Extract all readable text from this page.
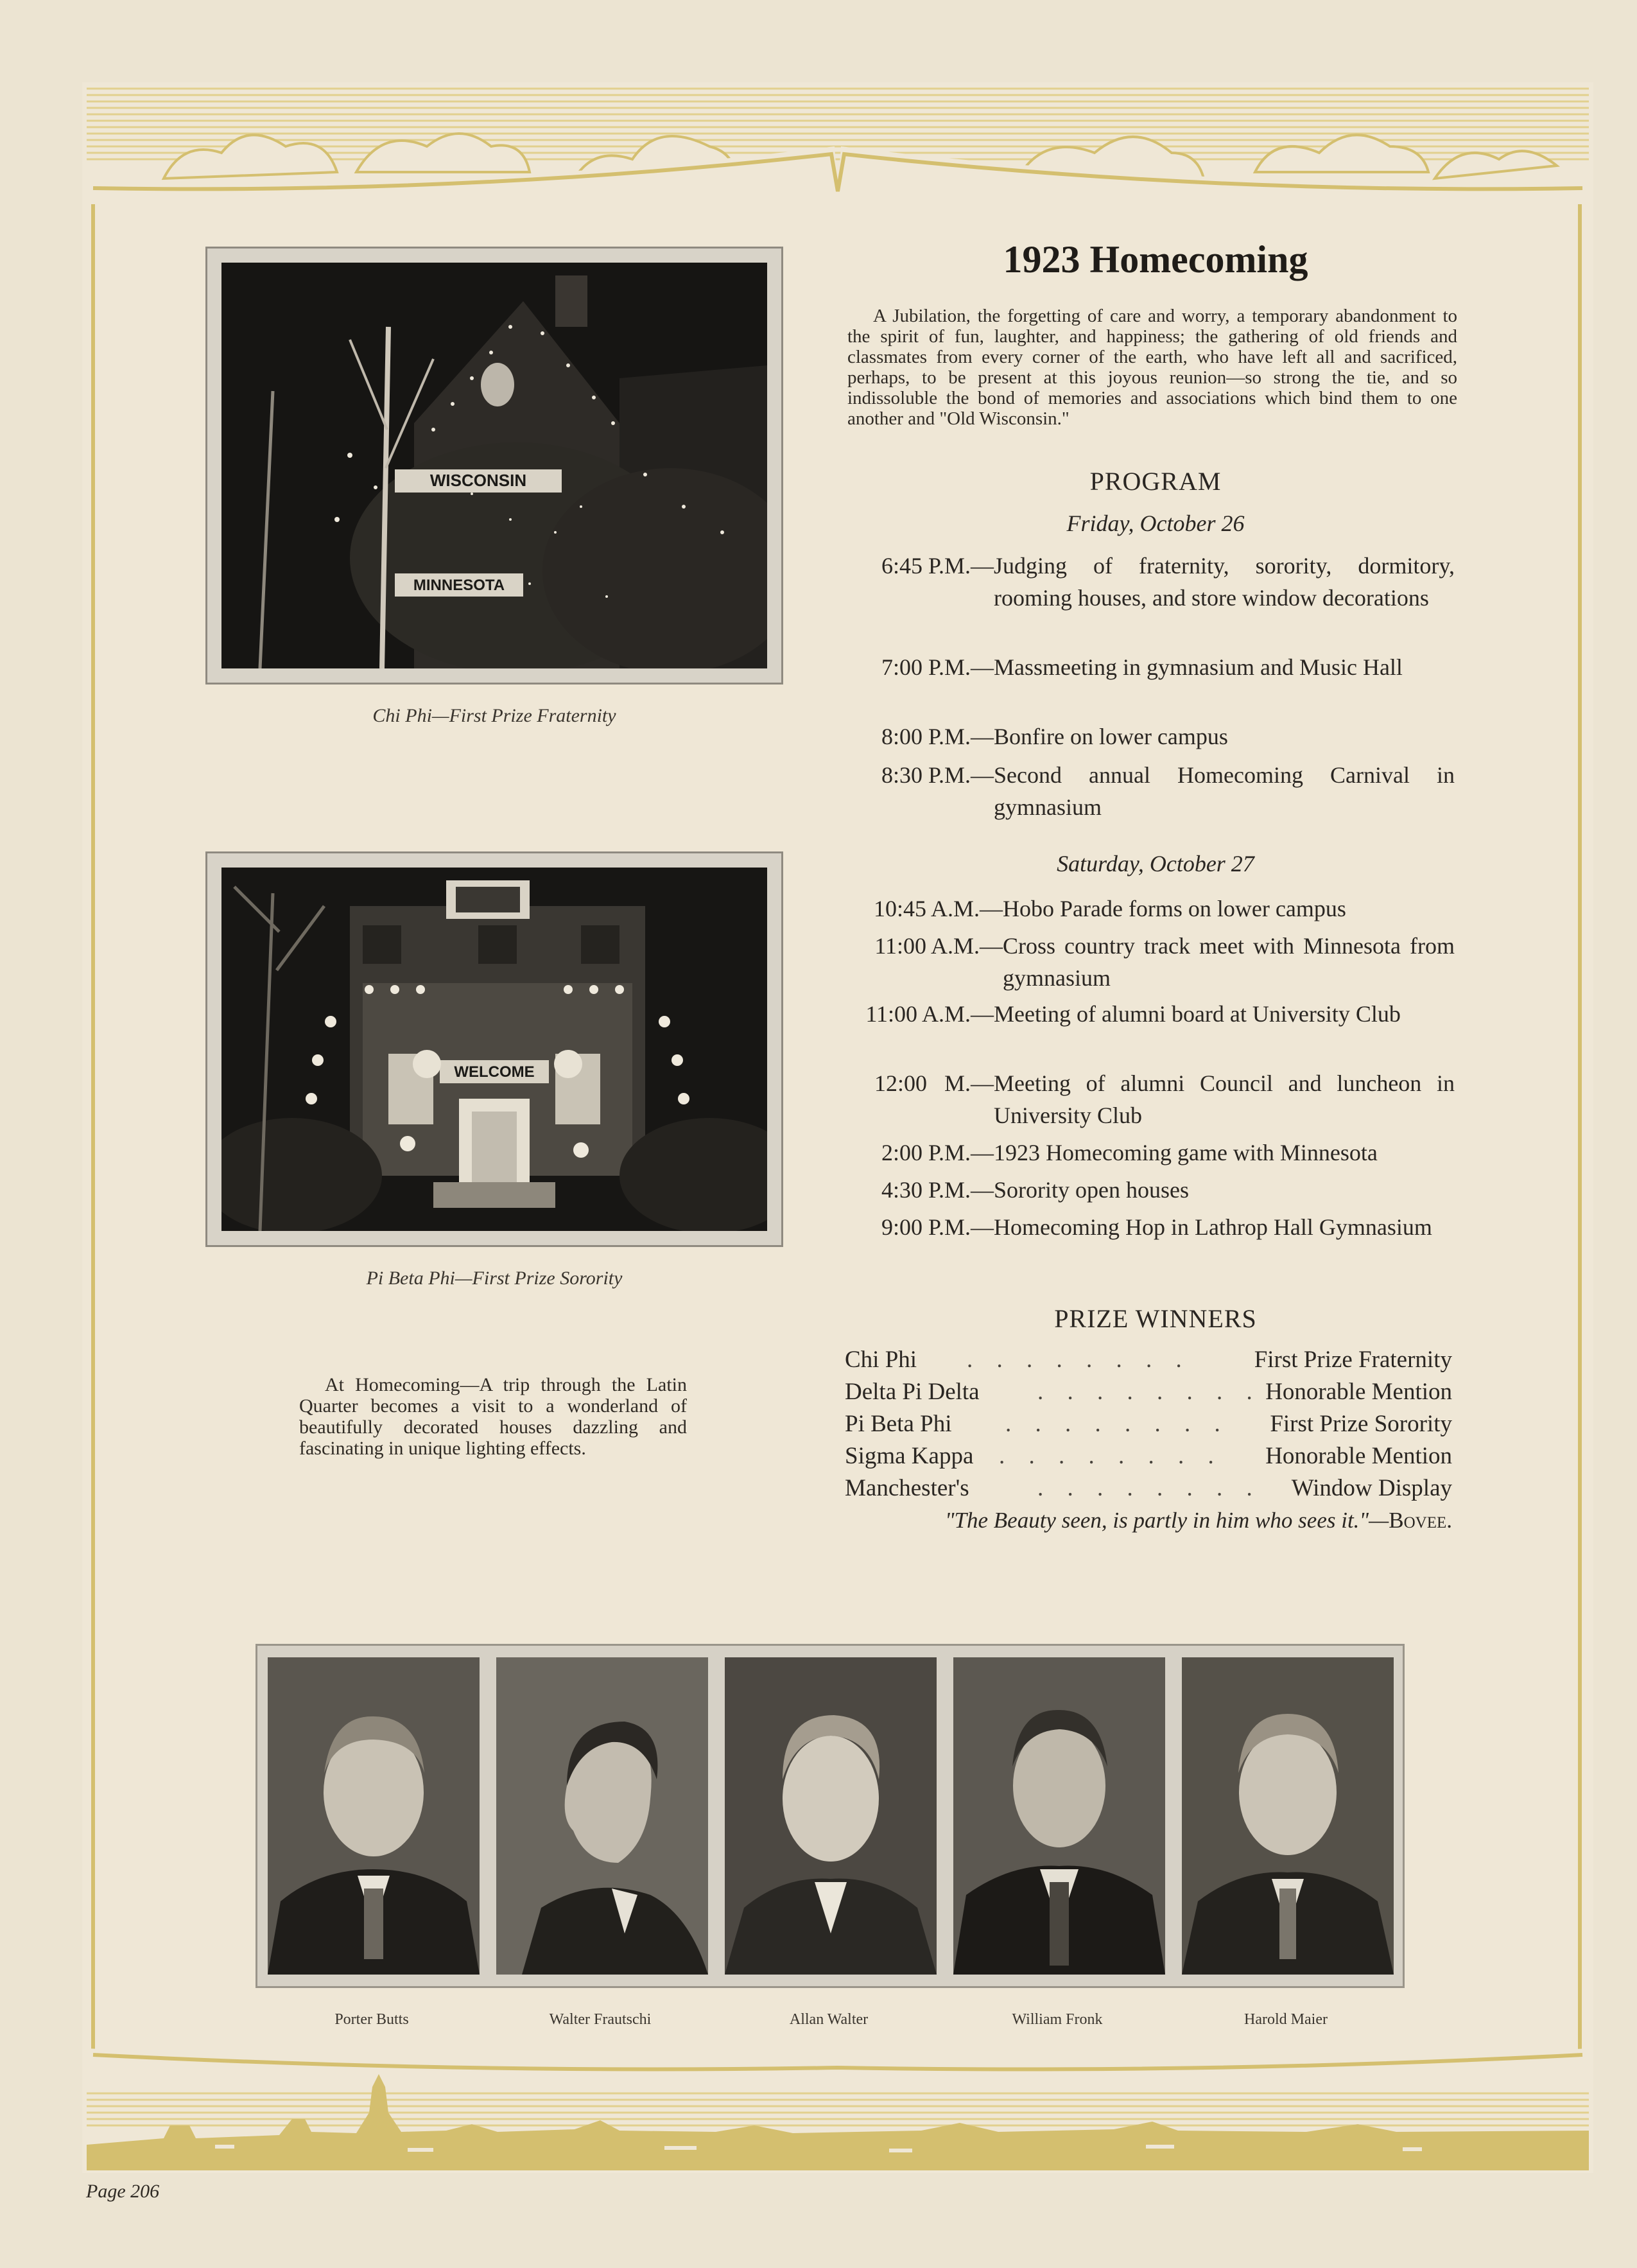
WISCONSIN
MINNESOTA
Chi Phi—First Prize Fraternity
WELCOME
Pi Beta Phi—First Prize Sorority
At Homecoming—A trip through the Latin Quarter becomes a visit to a wonderland of beautifully decorated houses dazzling and fascinating in unique lighting effects.
1923 Homecoming
A Jubilation, the forgetting of care and worry, a temporary abandonment to the spirit of fun, laughter, and happiness; the gathering of old friends and classmates from every corner of the earth, who have left all and sacrificed, perhaps, to be present at this joyous reunion—so strong the tie, and so indissoluble the bond of memories and associations which bind them to one another and "Old Wisconsin."
PROGRAM
Friday, October 26
6:45 P.M.— Judging of fraternity, sorority, dormitory, rooming houses, and store window decorations
7:00 P.M.— Massmeeting in gymnasium and Music Hall
8:00 P.M.— Bonfire on lower campus
8:30 P.M.— Second annual Homecoming Carnival in gymnasium
Saturday, October 27
10:45 A.M.— Hobo Parade forms on lower campus
11:00 A.M.— Cross country track meet with Minnesota from gymnasium
11:00 A.M.— Meeting of alumni board at University Club
12:00   M.— Meeting of alumni Council and luncheon in University Club
2:00 P.M.— 1923 Homecoming game with Minnesota
4:30 P.M.— Sorority open houses
9:00 P.M.— Homecoming Hop in Lathrop Hall Gymnasium
PRIZE WINNERS
Chi Phi . . . . . . . .	First Prize Fraternity
Delta Pi Delta . . . . . . . . Honorable Mention
Pi Beta Phi . . . . . . . . First Prize Sorority
Sigma Kappa . . . . . . . . Honorable Mention
Manchester's	. . . . . . . . Window Display
"The Beauty seen, is partly in him who sees it."—Bovee.
Porter Butts	Walter Frautschi	Allan Walter	William Fronk	Harold Maier
Page 206
